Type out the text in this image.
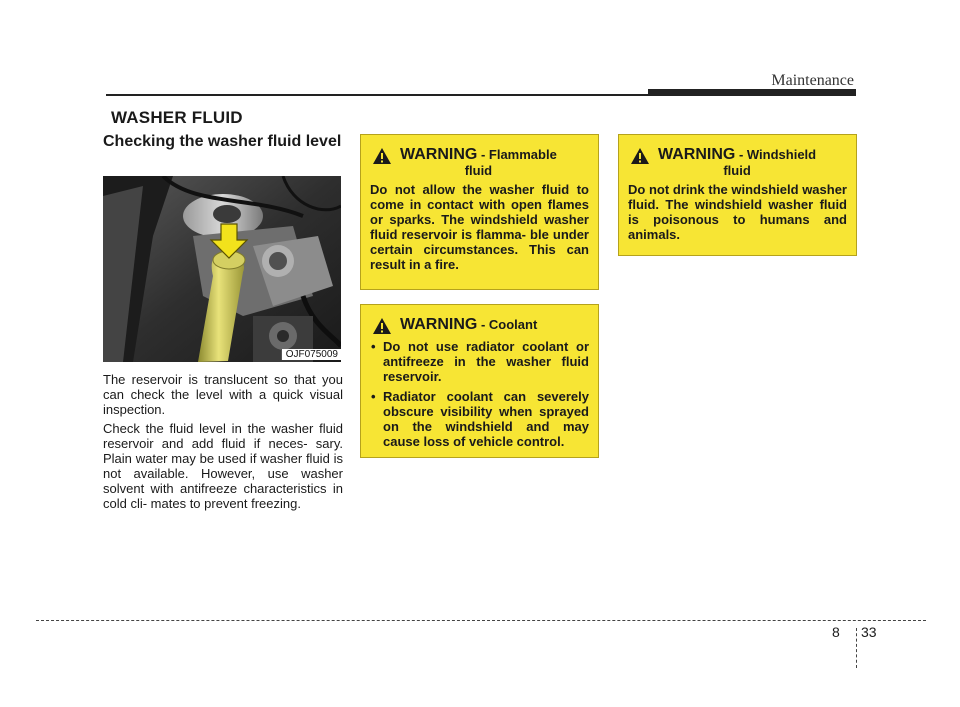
Maintenance
WASHER FLUID
Checking the washer fluid level
OJF075009

The reservoir is translucent so that you can check the level with a quick visual inspection.

Check the fluid level in the washer fluid reservoir and add fluid if neces- sary. Plain water may be used if washer fluid is not available. However, use washer solvent with antifreeze characteristics in cold cli- mates to prevent freezing.

WARNING - Flammable
fluid

Do not allow the washer fluid to come in contact with open flames or sparks. The windshield washer fluid reservoir is flamma- ble under certain circumstances. This can result in a fire.

WARNING - Coolant
• Do not use radiator coolant or antifreeze in the washer fluid reservoir.
• Radiator coolant can severely obscure visibility when sprayed on the windshield and may cause loss of vehicle control.
WARNING - Windshield
fluid

Do not drink the windshield washer fluid. The windshield washer fluid is poisonous to humans and animals.

8 33
